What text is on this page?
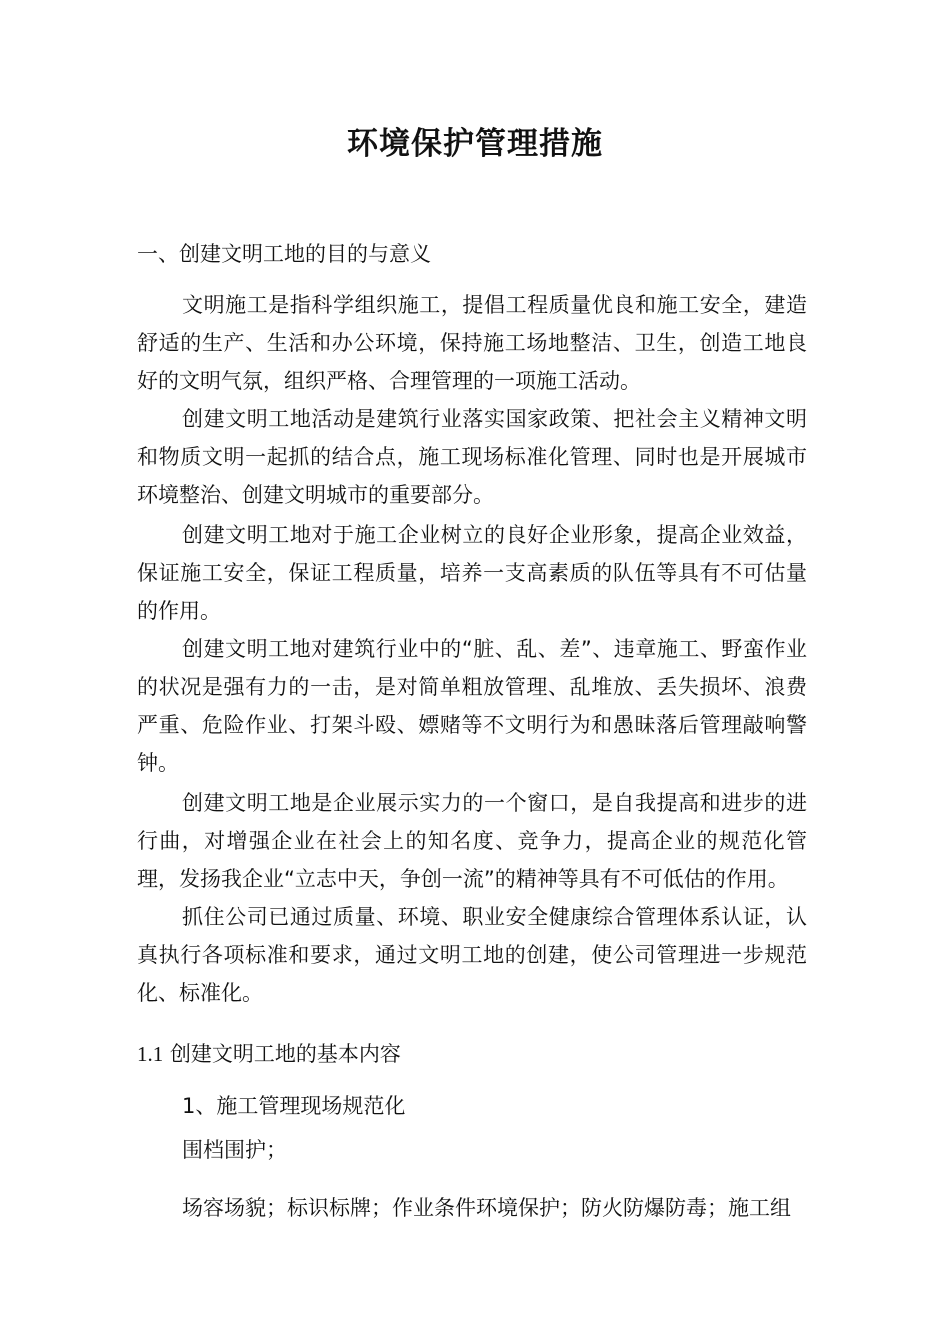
环境保护管理措施
一、创建文明工地的目的与意义

文明施工是指科学组织施工，提倡工程质量优良和施工安全，建造舒适的生产、生活和办公环境，保持施工场地整洁、卫生，创造工地良好的文明气氛，组织严格、合理管理的一项施工活动。

创建文明工地活动是建筑行业落实国家政策、把社会主义精神文明和物质文明一起抓的结合点，施工现场标准化管理、同时也是开展城市环境整治、创建文明城市的重要部分。

创建文明工地对于施工企业树立的良好企业形象，提高企业效益，保证施工安全，保证工程质量，培养一支高素质的队伍等具有不可估量的作用。

创建文明工地对建筑行业中的“脏、乱、差”、违章施工、野蛮作业的状况是强有力的一击，是对简单粗放管理、乱堆放、丢失损坏、浪费严重、危险作业、打架斗殴、嫖赌等不文明行为和愚昧落后管理敲响警钟。

创建文明工地是企业展示实力的一个窗口，是自我提高和进步的进行曲，对增强企业在社会上的知名度、竞争力，提高企业的规范化管理，发扬我企业“立志中天，争创一流”的精神等具有不可低估的作用。

抓住公司已通过质量、环境、职业安全健康综合管理体系认证，认真执行各项标准和要求，通过文明工地的创建，使公司管理进一步规范化、标准化。

1.1 创建文明工地的基本内容
1、施工管理现场规范化
围档围护；
场容场貌；标识标牌；作业条件环境保护；防火防爆防毒；施工组
